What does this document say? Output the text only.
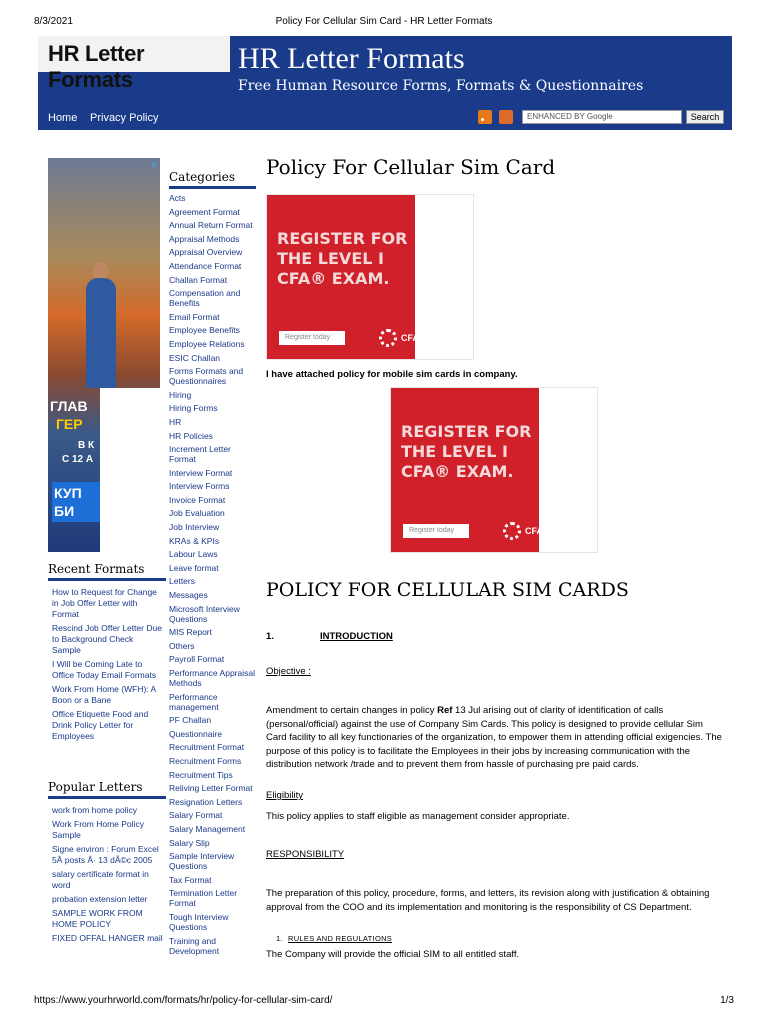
8/3/2021	Policy For Cellular Sim Card - HR Letter Formats
HR Letter Formats
HR Letter Formats
Free Human Resource Forms, Formats & Questionnaires
Home Privacy Policy	ENHANCED BY Google	Search
✕
ГЛАВ
ГЕР
В К
С 12 А
КУП БИ
Categories
Acts
Agreement Format
Annual Return Format
Appraisal Methods
Appraisal Overview
Attendance Format
Challan Format
Compensation and Benefits
Email Format
Employee Benefits
Employee Relations
ESIC Challan
Forms Formats and Questionnaires
Hiring
Hiring Forms
HR
HR Policies
Increment Letter Format
Interview Format
Interview Forms
Invoice Format
Job Evaluation
Job Interview
KRAs & KPIs
Labour Laws
Leave format
Letters
Messages
Microsoft Interview Questions
MIS Report
Others
Payroll Format
Performance Appraisal Methods
Performance management
PF Challan
Questionnaire
Recruitment Format
Recruitment Forms
Recruitment Tips
Reliving Letter Format
Resignation Letters
Salary Format
Salary Management
Salary Slip
Sample Interview Questions
Tax Format
Termination Letter Format
Tough Interview Questions
Training and Development
Recent Formats
How to Request for Change in Job Offer Letter with Format
Rescind Job Offer Letter Due to Background Check Sample
I Will be Coming Late to Office Today Email Formats
Work From Home (WFH): A Boon or a Bane
Office Etiquette Food and Drink Policy Letter for Employees
Popular Letters
work from home policy
Work From Home Policy Sample
Signe environ : Forum Excel 5Â posts Â· 13 dÃ©c 2005
salary certificate format in word
probation extension letter
SAMPLE WORK FROM HOME POLICY
FIXED OFFAL HANGER mail
Policy For Cellular Sim Card
REGISTER FOR THE LEVEL I CFA® EXAM.
Register today	CFA
I have attached policy for mobile sim cards in company.
REGISTER FOR THE LEVEL I CFA® EXAM.
Register today	CFA
POLICY FOR CELLULAR SIM CARDS
1.	INTRODUCTION
Objective :
Amendment to certain changes in policy Ref 13 Jul arising out of clarity of identification of calls (personal/official) against the use of Company Sim Cards. This policy is designed to provide cellular Sim Card facility to all key functionaries of the organization, to empower them in attending official exigencies. The purpose of this policy is to facilitate the Employees in their jobs by increasing communication with the distribution network /trade and to prevent them from hassle of purchasing pre paid cards.
Eligibility
This policy applies to staff eligible as management consider appropriate.
RESPONSIBILITY
The preparation of this policy, procedure, forms, and letters, its revision along with justification & obtaining approval from the COO and its implementation and monitoring is the responsibility of CS Department.
1. RULES AND REGULATIONS
The Company will provide the official SIM to all entitled staff.
https://www.yourhrworld.com/formats/hr/policy-for-cellular-sim-card/	1/3
